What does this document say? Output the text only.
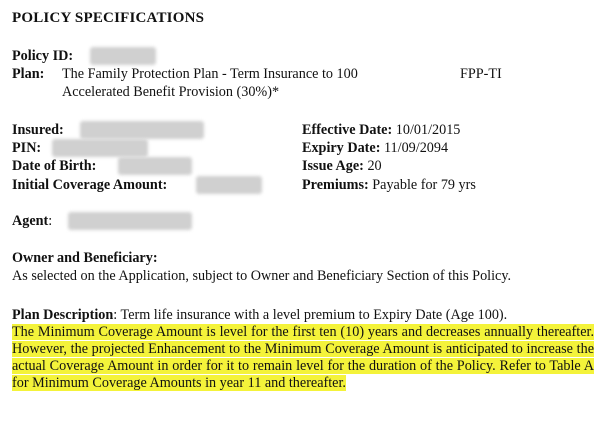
POLICY SPECIFICATIONS
Policy ID:
Plan: The Family Protection Plan - Term Insurance to 100
Accelerated Benefit Provision (30%)*
FPP-TI
Insured:
PIN:
Date of Birth:
Initial Coverage Amount:
Effective Date: 10/01/2015
Expiry Date: 11/09/2094
Issue Age: 20
Premiums: Payable for 79 yrs
Agent:
Owner and Beneficiary:
As selected on the Application, subject to Owner and Beneficiary Section of this Policy.

Plan Description: Term life insurance with a level premium to Expiry Date (Age 100).

The Minimum Coverage Amount is level for the first ten (10) years and decreases annually thereafter. However, the projected Enhancement to the Minimum Coverage Amount is anticipated to increase the actual Coverage Amount in order for it to remain level for the duration of the Policy. Refer to Table A for Minimum Coverage Amounts in year 11 and thereafter.
